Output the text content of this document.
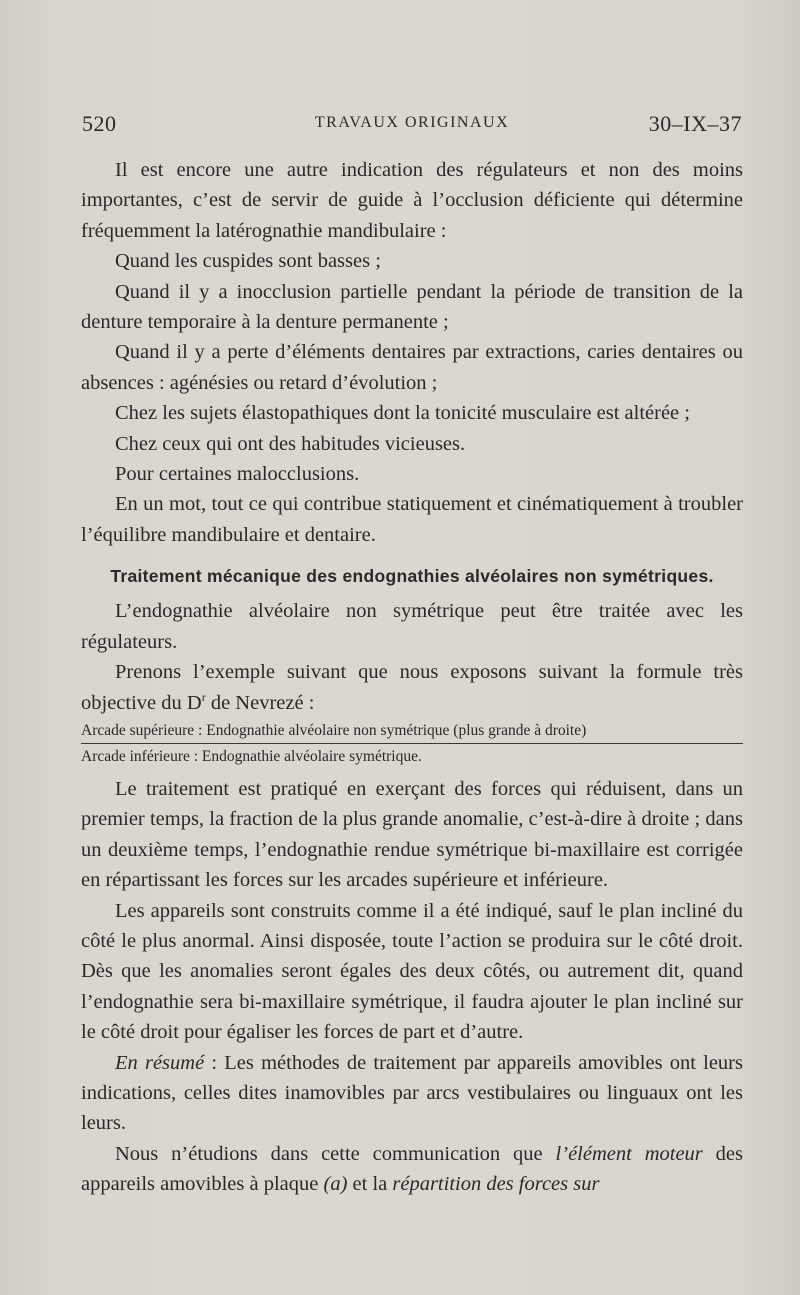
520	TRAVAUX ORIGINAUX	30–IX–37

Il est encore une autre indication des régulateurs et non des moins importantes, c’est de servir de guide à l’occlusion déficiente qui détermine fréquemment la latérognathie mandibulaire :

Quand les cuspides sont basses ;

Quand il y a inocclusion partielle pendant la période de transition de la denture temporaire à la denture permanente ;

Quand il y a perte d’éléments dentaires par extractions, caries dentaires ou absences : agénésies ou retard d’évolution ;

Chez les sujets élastopathiques dont la tonicité musculaire est altérée ;

Chez ceux qui ont des habitudes vicieuses.

Pour certaines malocclusions.

En un mot, tout ce qui contribue statiquement et cinématiquement à troubler l’équilibre mandibulaire et dentaire.

Traitement mécanique des endognathies alvéolaires non symétriques.

L’endognathie alvéolaire non symétrique peut être traitée avec les régulateurs.

Prenons l’exemple suivant que nous exposons suivant la formule très objective du $D^r$ de Nevrezé :

Arcade supérieure : Endognathie alvéolaire non symétrique (plus grande à droite)

Arcade inférieure : Endognathie alvéolaire symétrique.

Le traitement est pratiqué en exerçant des forces qui réduisent, dans un premier temps, la fraction de la plus grande anomalie, c’est-à-dire à droite ; dans un deuxième temps, l’endognathie rendue symétrique bi-maxillaire est corrigée en répartissant les forces sur les arcades supérieure et inférieure.

Les appareils sont construits comme il a été indiqué, sauf le plan incliné du côté le plus anormal. Ainsi disposée, toute l’action se produira sur le côté droit. Dès que les anomalies seront égales des deux côtés, ou autrement dit, quand l’endognathie sera bi-maxillaire symétrique, il faudra ajouter le plan incliné sur le côté droit pour égaliser les forces de part et d’autre.

En résumé : Les méthodes de traitement par appareils amovibles ont leurs indications, celles dites inamovibles par arcs vestibulaires ou linguaux ont les leurs.

Nous n’étudions dans cette communication que l’élément moteur des appareils amovibles à plaque (a) et la répartition des forces sur
